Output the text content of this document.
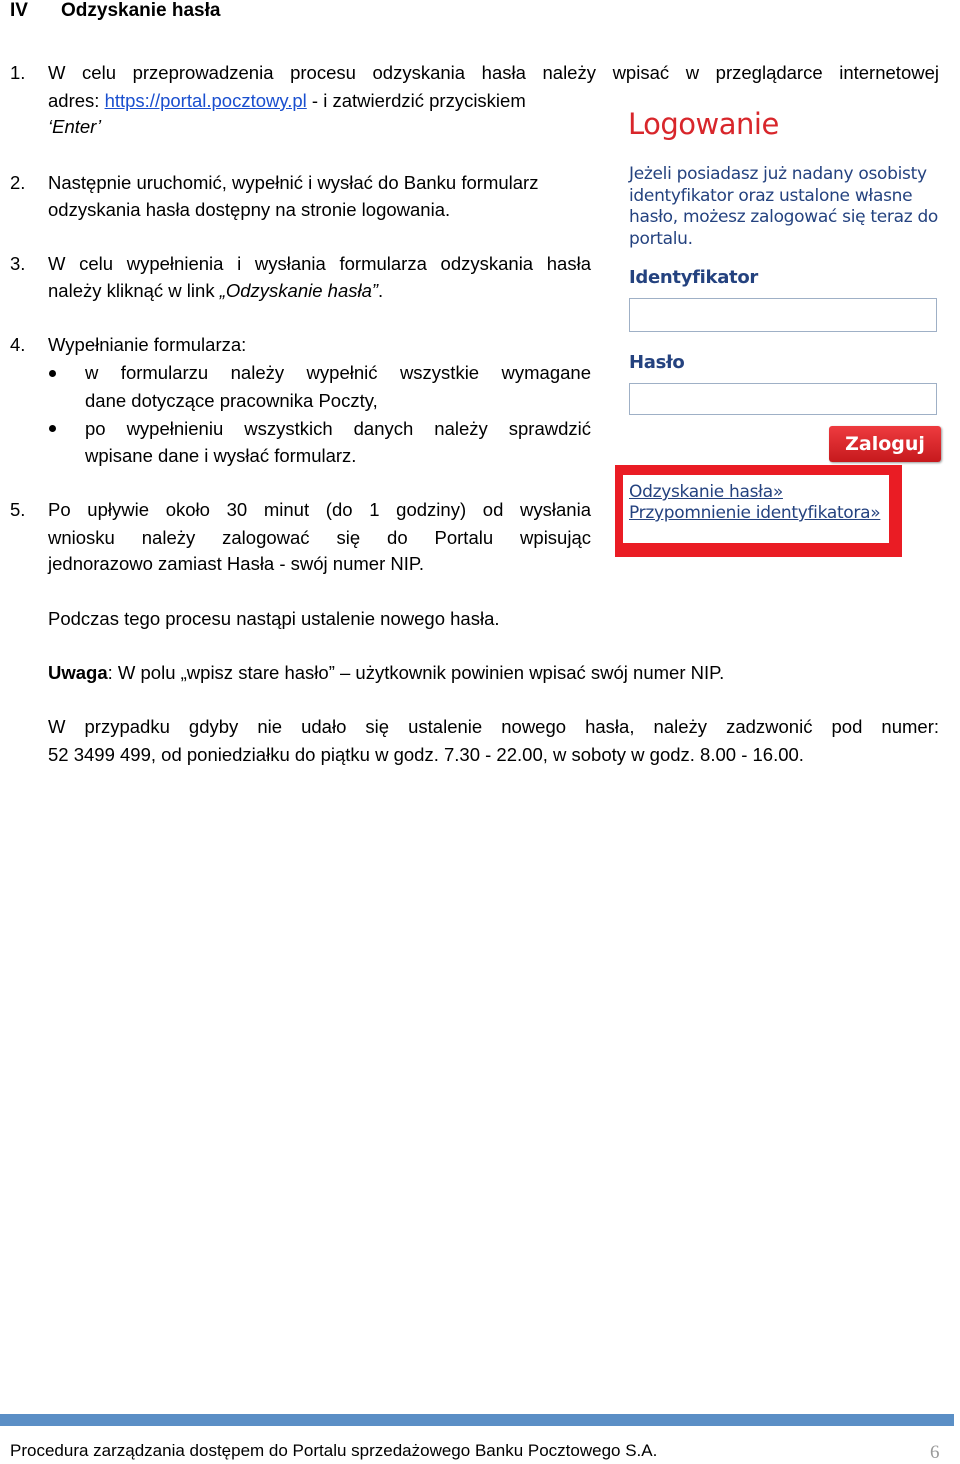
IV Odzyskanie hasła
1. W celu przeprowadzenia procesu odzyskania hasła należy wpisać w przeglądarce internetowej
adres: https://portal.pocztowy.pl - i zatwierdzić przyciskiem
‘Enter’
2. Następnie uruchomić, wypełnić i wysłać do Banku formularz
odzyskania hasła dostępny na stronie logowania.
3. W celu wypełnienia i wysłania formularza odzyskania hasła
należy kliknąć w link „Odzyskanie hasła”.
4. Wypełnianie formularza:
w formularzu należy wypełnić wszystkie wymagane
dane dotyczące pracownika Poczty,
po wypełnieniu wszystkich danych należy sprawdzić
wpisane dane i wysłać formularz.
5. Po upływie około 30 minut (do 1 godziny) od wysłania
wniosku należy zalogować się do Portalu wpisując
jednorazowo zamiast Hasła - swój numer NIP.
Podczas tego procesu nastąpi ustalenie nowego hasła.
Uwaga: W polu „wpisz stare hasło” – użytkownik powinien wpisać swój numer NIP.
W przypadku gdyby nie udało się ustalenie nowego hasła, należy zadzwonić pod numer:
52 3499 499, od poniedziałku do piątku w godz. 7.30 - 22.00, w soboty w godz. 8.00 - 16.00.
Logowanie
Jeżeli posiadasz już nadany osobisty
identyfikator oraz ustalone własne
hasło, możesz zalogować się teraz do
portalu.
Identyfikator
Hasło
Zaloguj
Odzyskanie hasła»
Przypomnienie identyfikatora»
Procedura zarządzania dostępem do Portalu sprzedażowego Banku Pocztowego S.A.	6
